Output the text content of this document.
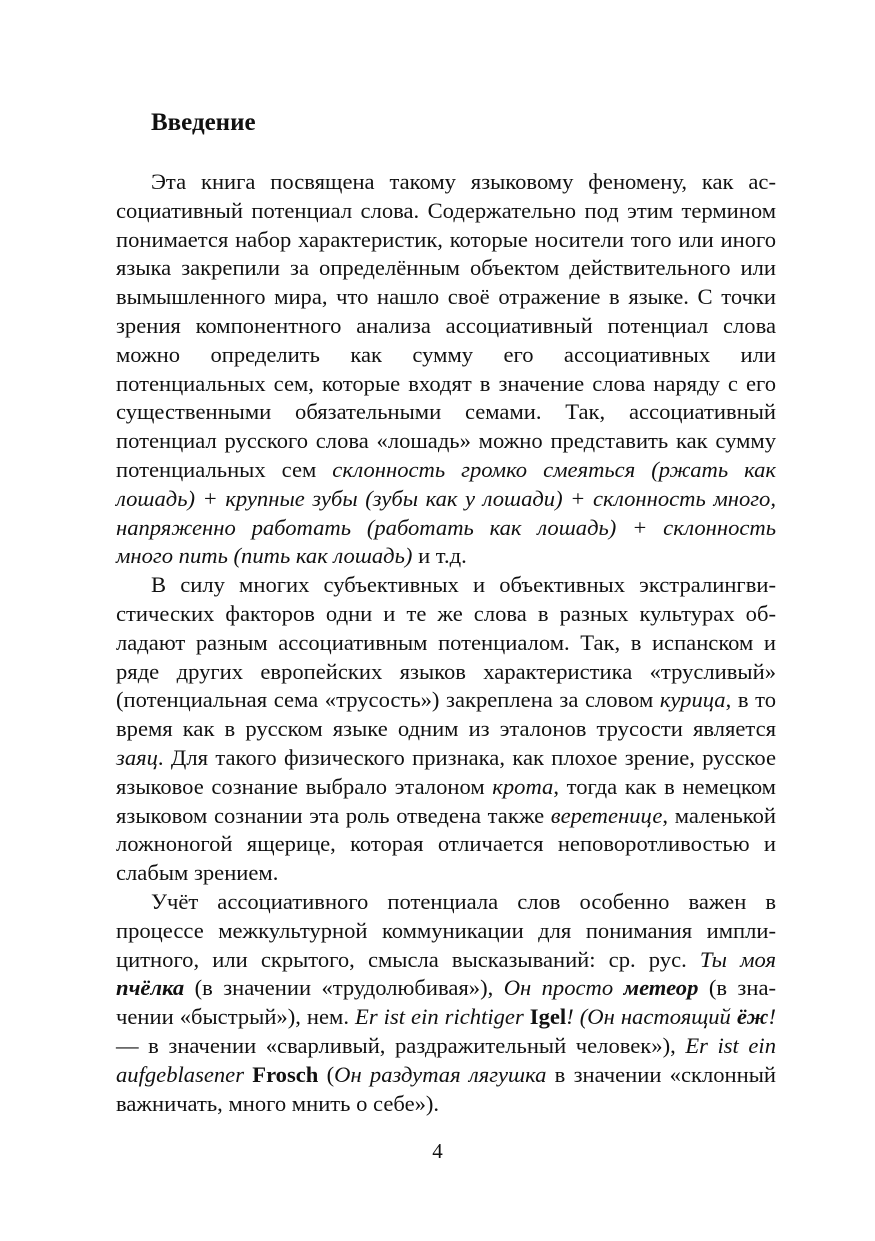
Введение

Эта книга посвящена такому языковому феномену, как ассоциативный потенциал слова. Содержательно под этим термином понимается набор характеристик, которые носители того или иного языка закрепили за определённым объектом действительного или вымышленного мира, что нашло своё отражение в языке. С точки зрения компонентного анализа ассоциативный потенциал слова можно определить как сумму его ассоциативных или потенциальных сем, которые входят в значение слова наряду с его существенными обязательными семами. Так, ассоциативный потенциал русского слова «лошадь» можно представить как сумму потенциальных сем склонность громко смеяться (ржать как лошадь) + крупные зубы (зубы как у лошади) + склонность много, напряженно работать (работать как лошадь) + склонность много пить (пить как лошадь) и т.д.

В силу многих субъективных и объективных экстралингвистических факторов одни и те же слова в разных культурах обладают разным ассоциативным потенциалом. Так, в испанском и ряде других европейских языков характеристика «трусливый» (потенциальная сема «трусость») закреплена за словом курица, в то время как в русском языке одним из эталонов трусости является заяц. Для такого физического признака, как плохое зрение, русское языковое сознание выбрало эталоном крота, тогда как в немецком языковом сознании эта роль отведена также веретенице, маленькой ложноногой ящерице, которая отличается неповоротливостью и слабым зрением.

Учёт ассоциативного потенциала слов особенно важен в процессе межкультурной коммуникации для понимания имплицитного, или скрытого, смысла высказываний: ср. рус. Ты моя пчёлка (в значении «трудолюбивая»), Он просто метеор (в значении «быстрый»), нем. Er ist ein richtiger Igel! (Он настоящий ёж! — в значении «сварливый, раздражительный человек»), Er ist ein aufgeblasener Frosch (Он раздутая лягушка в значении «склонный важничать, много мнить о себе»).

4
